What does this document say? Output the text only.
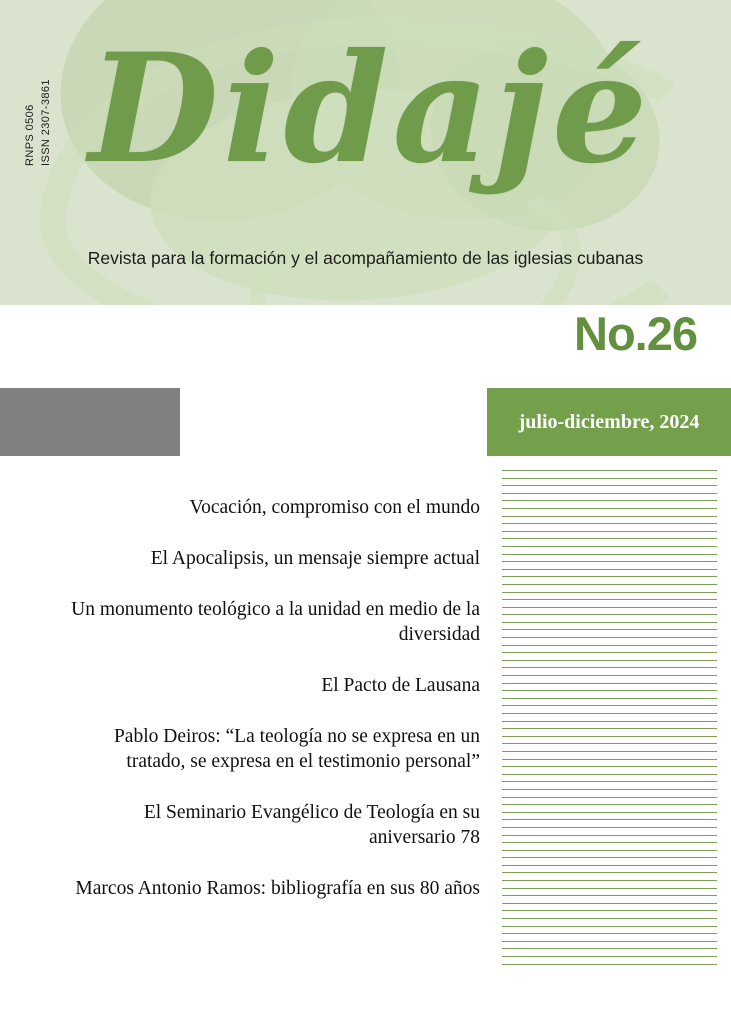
RNPS 0506 ISSN 2307-3861 Didajé
Revista para la formación y el acompañamiento de las iglesias cubanas
No.26
julio-diciembre, 2024
Vocación, compromiso con el mundo
El Apocalipsis, un mensaje siempre actual
Un monumento teológico a la unidad en medio de la diversidad
El Pacto de Lausana
Pablo Deiros: “La teología no se expresa en un tratado, se expresa en el testimonio personal”
El Seminario Evangélico de Teología en su aniversario 78
Marcos Antonio Ramos: bibliografía en sus 80 años
